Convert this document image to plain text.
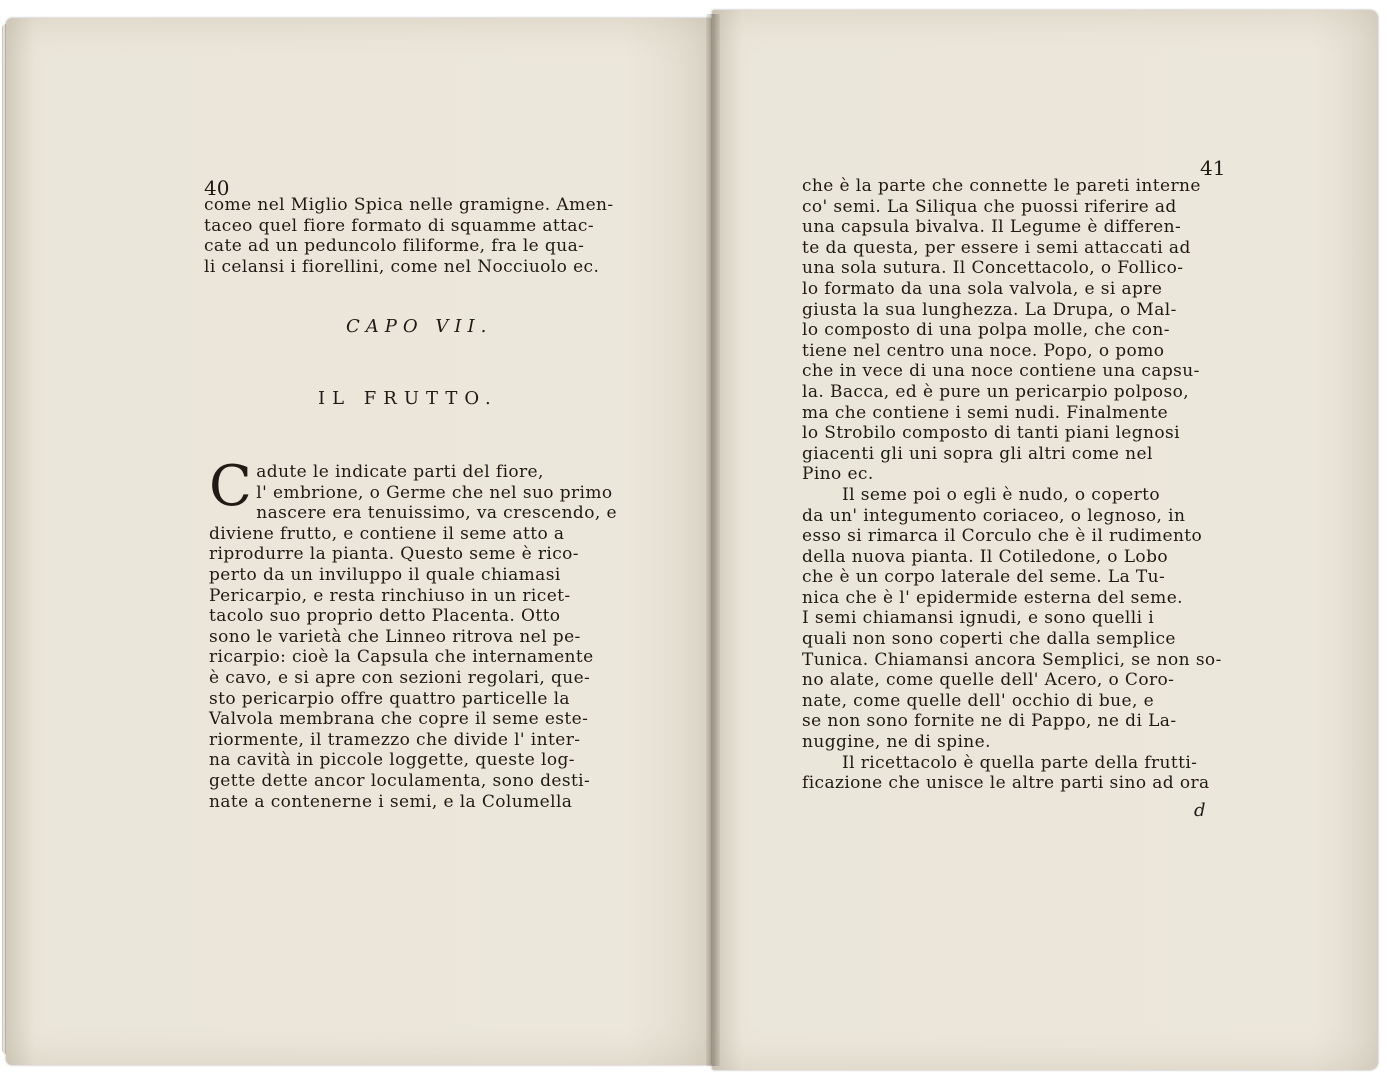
40
come nel Miglio Spica nelle gramigne. Amen-
taceo quel fiore formato di squamme attac-
cate ad un peduncolo filiforme, fra le qua-
li celansi i fiorellini, come nel Nocciuolo ec.
CAPO VII.
IL FRUTTO.
C adute le indicate parti del fiore,
l' embrione, o Germe che nel suo primo
nascere era tenuissimo, va crescendo, e
diviene frutto, e contiene il seme atto a
riprodurre la pianta. Questo seme è rico-
perto da un inviluppo il quale chiamasi
Pericarpio, e resta rinchiuso in un ricet-
tacolo suo proprio detto Placenta. Otto
sono le varietà che Linneo ritrova nel pe-
ricarpio: cioè la Capsula che internamente
è cavo, e si apre con sezioni regolari, que-
sto pericarpio offre quattro particelle la
Valvola membrana che copre il seme este-
riormente, il tramezzo che divide l' inter-
na cavità in piccole loggette, queste log-
gette dette ancor loculamenta, sono desti-
nate a contenerne i semi, e la Columella
41
che è la parte che connette le pareti interne
co' semi. La Siliqua che puossi riferire ad
una capsula bivalva. Il Legume è differen-
te da questa, per essere i semi attaccati ad
una sola sutura. Il Concettacolo, o Follico-
lo formato da una sola valvola, e si apre
giusta la sua lunghezza. La Drupa, o Mal-
lo composto di una polpa molle, che con-
tiene nel centro una noce. Popo, o pomo
che in vece di una noce contiene una capsu-
la. Bacca, ed è pure un pericarpio polposo,
ma che contiene i semi nudi. Finalmente
lo Strobilo composto di tanti piani legnosi
giacenti gli uni sopra gli altri come nel
Pino ec.
Il seme poi o egli è nudo, o coperto
da un' integumento coriaceo, o legnoso, in
esso si rimarca il Corculo che è il rudimento
della nuova pianta. Il Cotiledone, o Lobo
che è un corpo laterale del seme. La Tu-
nica che è l' epidermide esterna del seme.
I semi chiamansi ignudi, e sono quelli i
quali non sono coperti che dalla semplice
Tunica. Chiamansi ancora Semplici, se non so-
no alate, come quelle dell' Acero, o Coro-
nate, come quelle dell' occhio di bue, e
se non sono fornite ne di Pappo, ne di La-
nuggine, ne di spine.
Il ricettacolo è quella parte della frutti-
ficazione che unisce le altre parti sino ad ora
d
